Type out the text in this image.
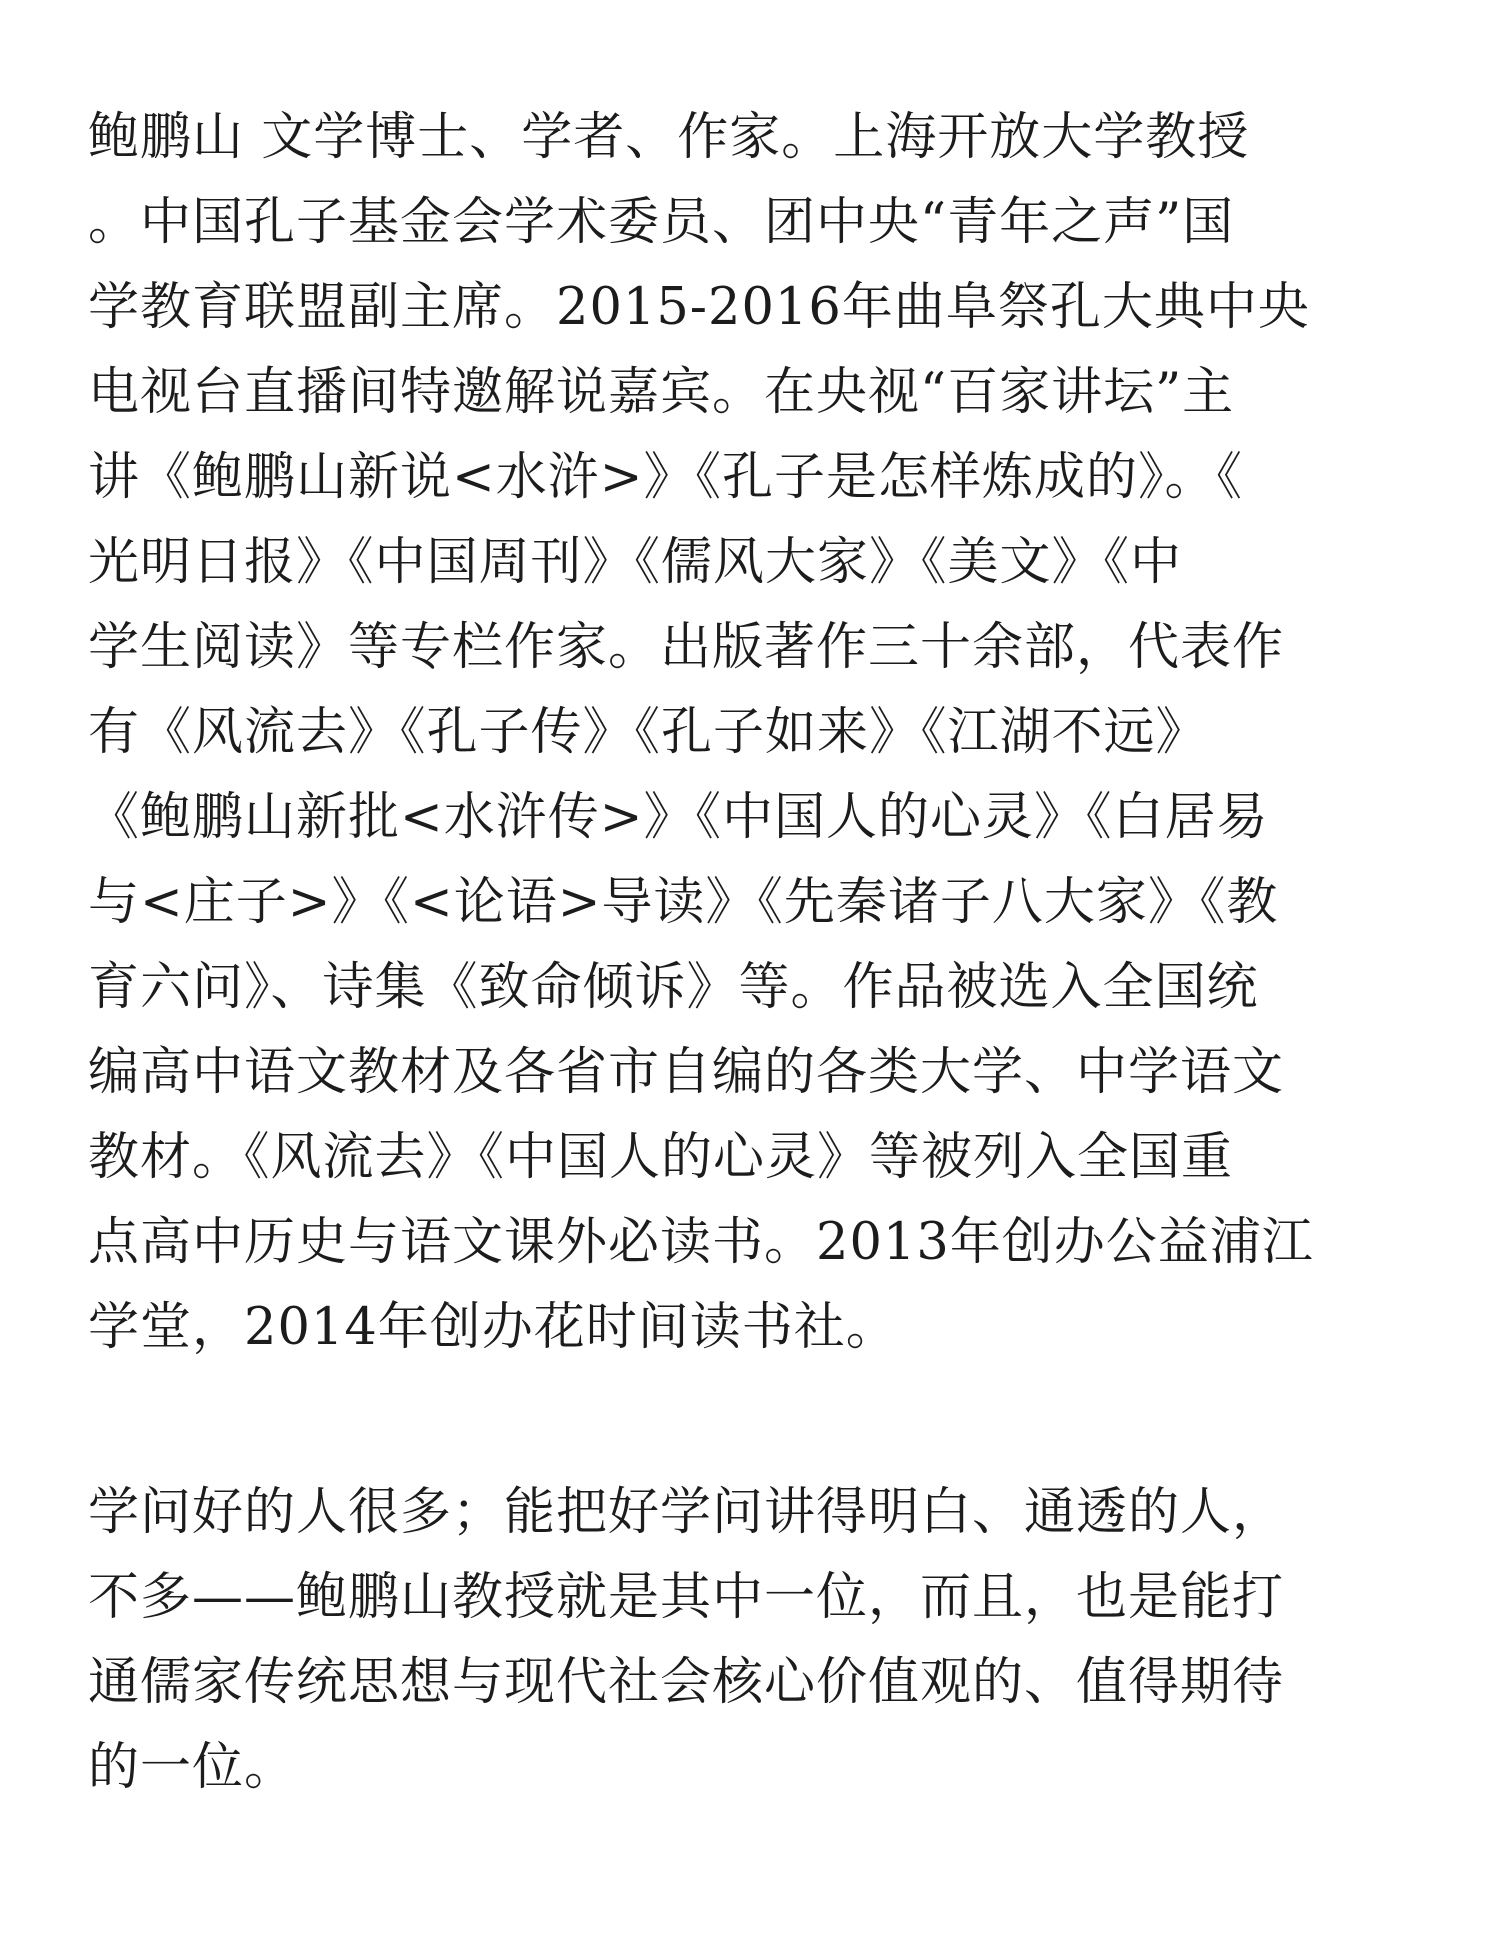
鲍鹏山 文学博士、学者、作家。上海开放大学教授

。中国孔子基金会学术委员、团中央“青年之声”国

学教育联盟副主席。2015-2016年曲阜祭孔大典中央

电视台直播间特邀解说嘉宾。在央视“百家讲坛”主

讲《鲍鹏山新说<水浒>》《孔子是怎样炼成的》。《

光明日报》《中国周刊》《儒风大家》《美文》《中

学生阅读》等专栏作家。出版著作三十余部，代表作

有《风流去》《孔子传》《孔子如来》《江湖不远》

《鲍鹏山新批<水浒传>》《中国人的心灵》《白居易

与<庄子>》《<论语>导读》《先秦诸子八大家》《教

育六问》、诗集《致命倾诉》等。作品被选入全国统

编高中语文教材及各省市自编的各类大学、中学语文

教材。《风流去》《中国人的心灵》等被列入全国重

点高中历史与语文课外必读书。2013年创办公益浦江

学堂，2014年创办花时间读书社。

学问好的人很多；能把好学问讲得明白、通透的人，

不多——鲍鹏山教授就是其中一位，而且，也是能打

通儒家传统思想与现代社会核心价值观的、值得期待

的一位。
